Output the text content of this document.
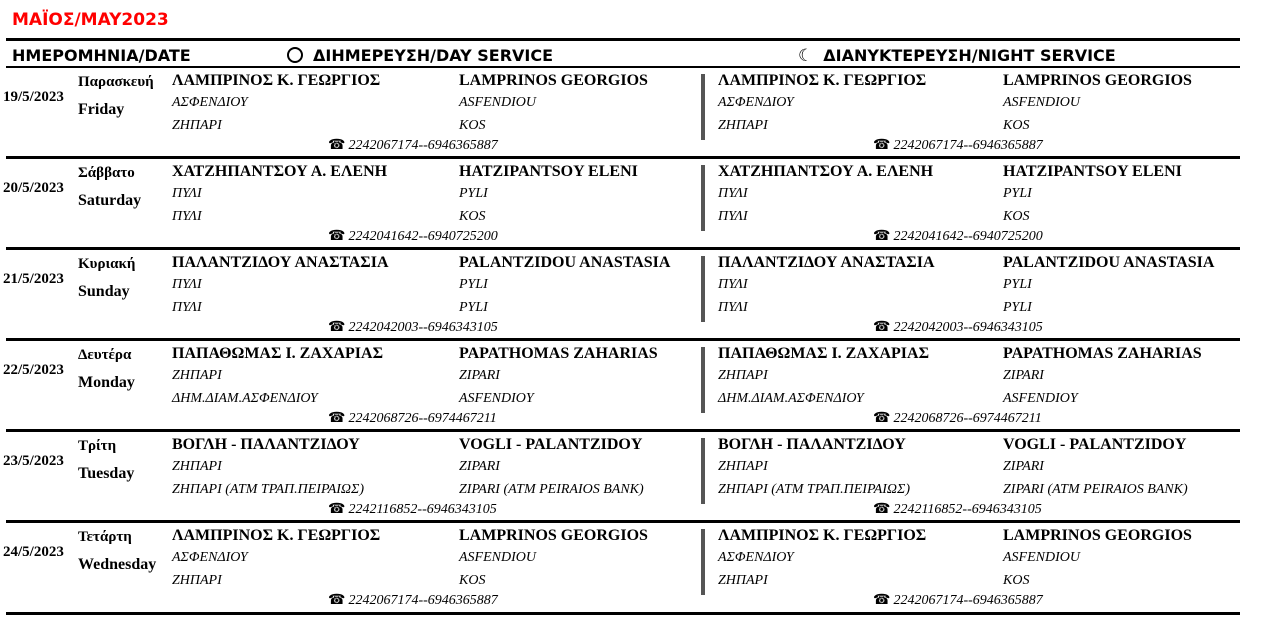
ΜΑΪΟΣ/MAY2023
ΗΜΕΡΟΜΗΝΙΑ/DATE	ΔΙΗΜΕΡΕΥΣΗ/DAY SERVICE	☾ ΔΙΑΝΥΚΤΕΡΕΥΣΗ/NIGHT SERVICE
19/5/2023
Παρασκευή
Friday
ΛΑΜΠΡΙΝΟΣ Κ. ΓΕΩΡΓΙΟΣ	LAMPRINOS GEORGIOS
ΑΣΦΕΝΔΙΟΥ	ASFENDIOU
ΖΗΠΑΡΙ	KOS
☎ 2242067174--6946365887
ΛΑΜΠΡΙΝΟΣ Κ. ΓΕΩΡΓΙΟΣ	LAMPRINOS GEORGIOS
ΑΣΦΕΝΔΙΟΥ	ASFENDIOU
ΖΗΠΑΡΙ	KOS
☎ 2242067174--6946365887
20/5/2023
Σάββατο
Saturday
ΧΑΤΖΗΠΑΝΤΣΟΥ Α. ΕΛΕΝΗ	HATZIPANTSOY ELENI
ΠΥΛΙ	PYLI
ΠΥΛΙ	KOS
☎ 2242041642--6940725200
ΧΑΤΖΗΠΑΝΤΣΟΥ Α. ΕΛΕΝΗ	HATZIPANTSOY ELENI
ΠΥΛΙ	PYLI
ΠΥΛΙ	KOS
☎ 2242041642--6940725200
21/5/2023
Κυριακή
Sunday
ΠΑΛΑΝΤΖΙΔΟΥ ΑΝΑΣΤΑΣΙΑ	PALANTZIDOU ANASTASIA
ΠΥΛΙ	PYLI
ΠΥΛΙ	PYLI
☎ 2242042003--6946343105
ΠΑΛΑΝΤΖΙΔΟΥ ΑΝΑΣΤΑΣΙΑ	PALANTZIDOU ANASTASIA
ΠΥΛΙ	PYLI
ΠΥΛΙ	PYLI
☎ 2242042003--6946343105
22/5/2023
Δευτέρα
Monday
ΠΑΠΑΘΩΜΑΣ Ι. ΖΑΧΑΡΙΑΣ	PAPATHOMAS ZAHARIAS
ΖΗΠΑΡΙ	ZIPARI
ΔΗΜ.ΔΙΑΜ.ΑΣΦΕΝΔΙΟΥ	ASFENDIOY
☎ 2242068726--6974467211
ΠΑΠΑΘΩΜΑΣ Ι. ΖΑΧΑΡΙΑΣ	PAPATHOMAS ZAHARIAS
ΖΗΠΑΡΙ	ZIPARI
ΔΗΜ.ΔΙΑΜ.ΑΣΦΕΝΔΙΟΥ	ASFENDIOY
☎ 2242068726--6974467211
23/5/2023
Τρίτη
Tuesday
ΒΟΓΛΗ - ΠΑΛΑΝΤΖΙΔΟΥ	VOGLI - PALANTZIDOY
ΖΗΠΑΡΙ	ZIPARI
ΖΗΠΑΡΙ (ΑΤΜ ΤΡΑΠ.ΠΕΙΡΑΙΩΣ)	ZIPARI (ATM PEIRAIOS BANK)
☎ 2242116852--6946343105
ΒΟΓΛΗ - ΠΑΛΑΝΤΖΙΔΟΥ	VOGLI - PALANTZIDOY
ΖΗΠΑΡΙ	ZIPARI
ΖΗΠΑΡΙ (ΑΤΜ ΤΡΑΠ.ΠΕΙΡΑΙΩΣ)	ZIPARI (ATM PEIRAIOS BANK)
☎ 2242116852--6946343105
24/5/2023
Τετάρτη
Wednesday
ΛΑΜΠΡΙΝΟΣ Κ. ΓΕΩΡΓΙΟΣ	LAMPRINOS GEORGIOS
ΑΣΦΕΝΔΙΟΥ	ASFENDIOU
ΖΗΠΑΡΙ	KOS
☎ 2242067174--6946365887
ΛΑΜΠΡΙΝΟΣ Κ. ΓΕΩΡΓΙΟΣ	LAMPRINOS GEORGIOS
ΑΣΦΕΝΔΙΟΥ	ASFENDIOU
ΖΗΠΑΡΙ	KOS
☎ 2242067174--6946365887
